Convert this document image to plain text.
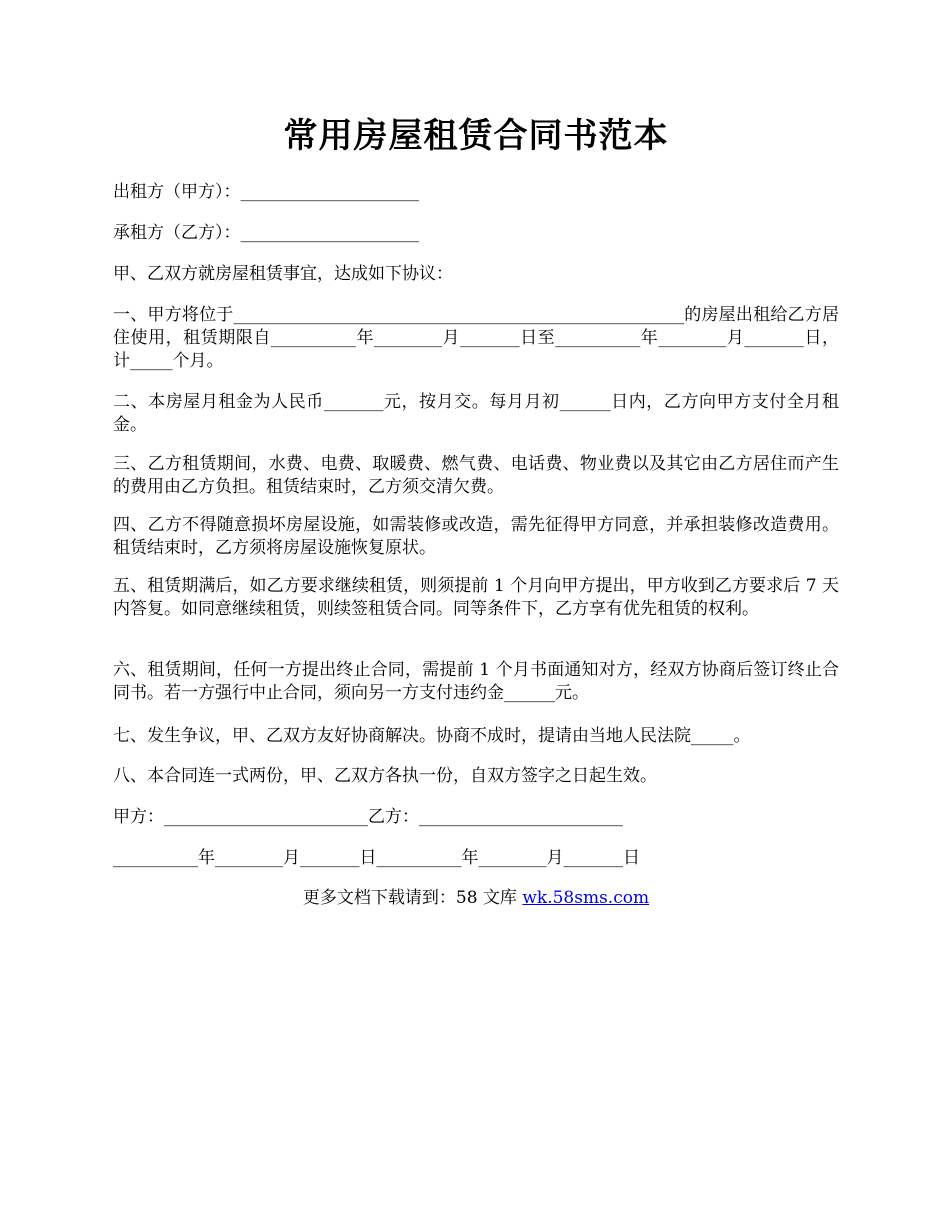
常用房屋租赁合同书范本

出租方（甲方）：_____________________

承租方（乙方）：_____________________

甲、乙双方就房屋租赁事宜，达成如下协议：

一、甲方将位于_____________________________________________________的房屋出租给乙方居住使用，租赁期限自__________年________月_______日至__________年________月_______日，计_____个月。

二、本房屋月租金为人民币_______元，按月交。每月月初______日内，乙方向甲方支付全月租金。

三、乙方租赁期间，水费、电费、取暖费、燃气费、电话费、物业费以及其它由乙方居住而产生的费用由乙方负担。租赁结束时，乙方须交清欠费。

四、乙方不得随意损坏房屋设施，如需装修或改造，需先征得甲方同意，并承担装修改造费用。租赁结束时，乙方须将房屋设施恢复原状。

五、租赁期满后，如乙方要求继续租赁，则须提前 1 个月向甲方提出，甲方收到乙方要求后 7 天内答复。如同意继续租赁，则续签租赁合同。同等条件下，乙方享有优先租赁的权利。

六、租赁期间，任何一方提出终止合同，需提前 1 个月书面通知对方，经双方协商后签订终止合同书。若一方强行中止合同，须向另一方支付违约金______元。

七、发生争议，甲、乙双方友好协商解决。协商不成时，提请由当地人民法院_____。

八、本合同连一式两份，甲、乙双方各执一份，自双方签字之日起生效。

甲方：________________________乙方：________________________

__________年________月_______日__________年________月_______日

更多文档下载请到：58 文库 wk.58sms.com
